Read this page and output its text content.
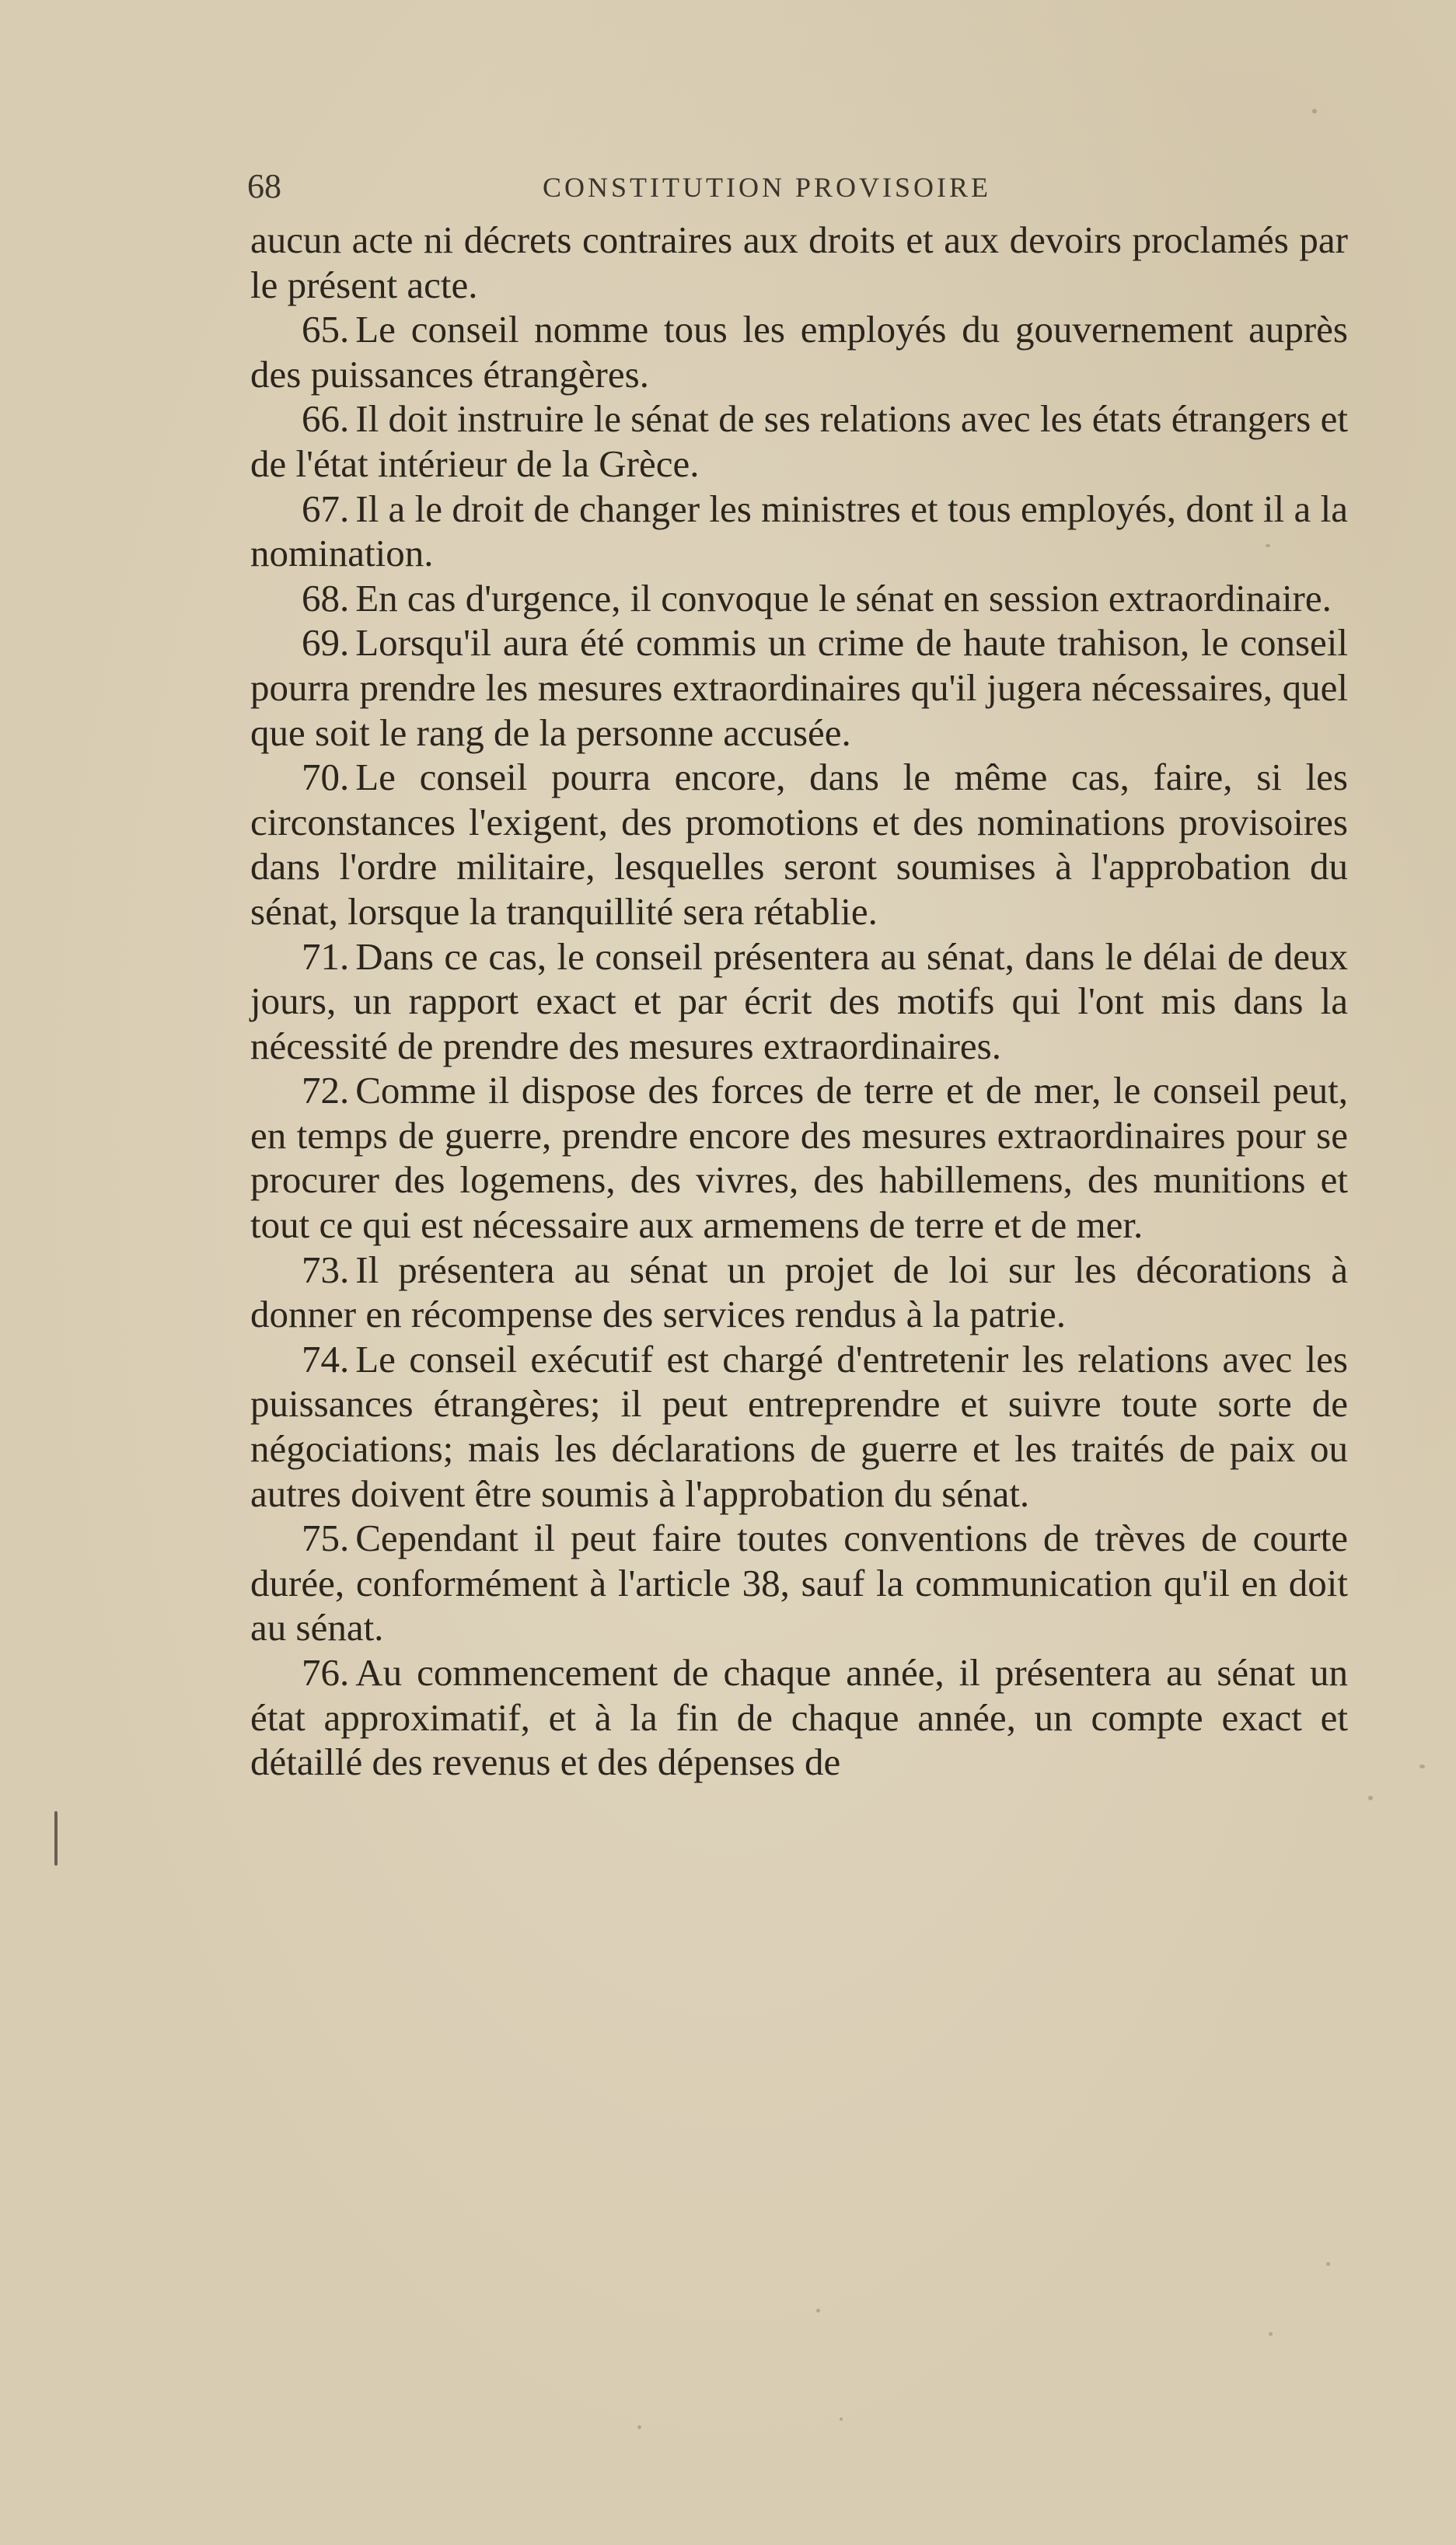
68	CONSTITUTION PROVISOIRE

aucun acte ni décrets contraires aux droits et aux devoirs proclamés par le présent acte.

65. Le conseil nomme tous les employés du gouvernement auprès des puissances étrangères.

66. Il doit instruire le sénat de ses relations avec les états étrangers et de l'état intérieur de la Grèce.

67. Il a le droit de changer les ministres et tous employés, dont il a la nomination.

68. En cas d'urgence, il convoque le sénat en session extraordinaire.

69. Lorsqu'il aura été commis un crime de haute trahison, le conseil pourra prendre les mesures extraordinaires qu'il jugera nécessaires, quel que soit le rang de la personne accusée.

70. Le conseil pourra encore, dans le même cas, faire, si les circonstances l'exigent, des promotions et des nominations provisoires dans l'ordre militaire, lesquelles seront soumises à l'approbation du sénat, lorsque la tranquillité sera rétablie.

71. Dans ce cas, le conseil présentera au sénat, dans le délai de deux jours, un rapport exact et par écrit des motifs qui l'ont mis dans la nécessité de prendre des mesures extraordinaires.

72. Comme il dispose des forces de terre et de mer, le conseil peut, en temps de guerre, prendre encore des mesures extraordinaires pour se procurer des logemens, des vivres, des habillemens, des munitions et tout ce qui est nécessaire aux armemens de terre et de mer.

73. Il présentera au sénat un projet de loi sur les décorations à donner en récompense des services rendus à la patrie.

74. Le conseil exécutif est chargé d'entretenir les relations avec les puissances étrangères; il peut entreprendre et suivre toute sorte de négociations; mais les déclarations de guerre et les traités de paix ou autres doivent être soumis à l'approbation du sénat.

75. Cependant il peut faire toutes conventions de trèves de courte durée, conformément à l'article 38, sauf la communication qu'il en doit au sénat.

76. Au commencement de chaque année, il présentera au sénat un état approximatif, et à la fin de chaque année, un compte exact et détaillé des revenus et des dépenses de
